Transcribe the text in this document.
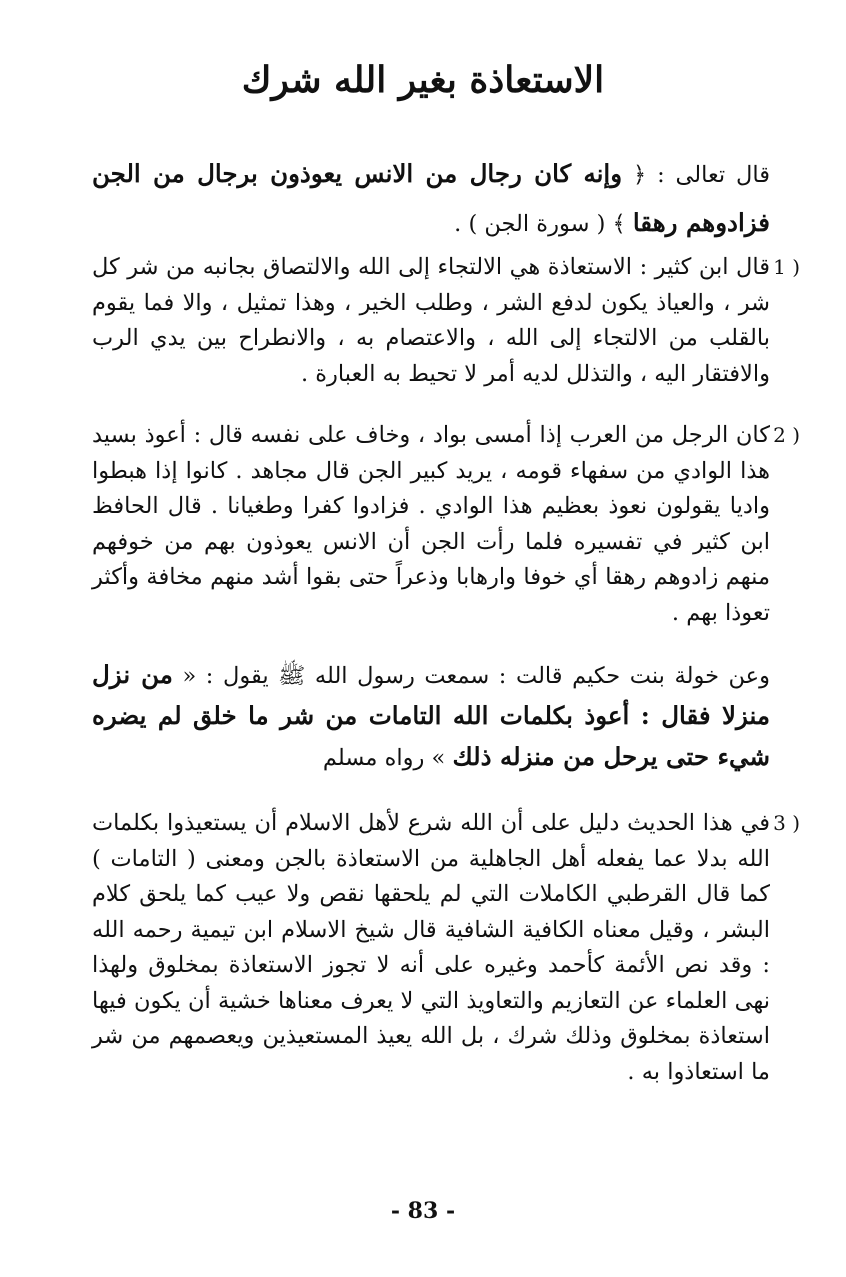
الاستعاذة بغير الله شرك
قال تعالى : ﴿ وإنه كان رجال من الانس يعوذون برجال من الجن فزادوهم رهقا ﴾ ( سورة الجن ) .
1 )
قال ابن كثير : الاستعاذة هي الالتجاء إلى الله والالتصاق بجانبه من شر كل شر ، والعياذ يكون لدفع الشر ، وطلب الخير ، وهذا تمثيل ، والا فما يقوم بالقلب من الالتجاء إلى الله ، والاعتصام به ، والانطراح بين يدي الرب والافتقار اليه ، والتذلل لديه أمر لا تحيط به العبارة .
2 )
كان الرجل من العرب إذا أمسى بواد ، وخاف على نفسه قال : أعوذ بسيد هذا الوادي من سفهاء قومه ، يريد كبير الجن قال مجاهد . كانوا إذا هبطوا واديا يقولون نعوذ بعظيم هذا الوادي . فزادوا كفرا وطغيانا . قال الحافظ ابن كثير في تفسيره فلما رأت الجن أن الانس يعوذون بهم من خوفهم منهم زادوهم رهقا أي خوفا وارهابا وذعراً حتى بقوا أشد منهم مخافة وأكثر تعوذا بهم .
وعن خولة بنت حكيم قالت : سمعت رسول الله ﷺ يقول : « من نزل منزلا فقال : أعوذ بكلمات الله التامات من شر ما خلق لم يضره شيء حتى يرحل من منزله ذلك » رواه مسلم
3 )
في هذا الحديث دليل على أن الله شرع لأهل الاسلام أن يستعيذوا بكلمات الله بدلا عما يفعله أهل الجاهلية من الاستعاذة بالجن ومعنى ( التامات ) كما قال القرطبي الكاملات التي لم يلحقها نقص ولا عيب كما يلحق كلام البشر ، وقيل معناه الكافية الشافية قال شيخ الاسلام ابن تيمية رحمه الله : وقد نص الأئمة كأحمد وغيره على أنه لا تجوز الاستعاذة بمخلوق ولهذا نهى العلماء عن التعازيم والتعاويذ التي لا يعرف معناها خشية أن يكون فيها استعاذة بمخلوق وذلك شرك ، بل الله يعيذ المستعيذين ويعصمهم من شر ما استعاذوا به .
- 83 -
